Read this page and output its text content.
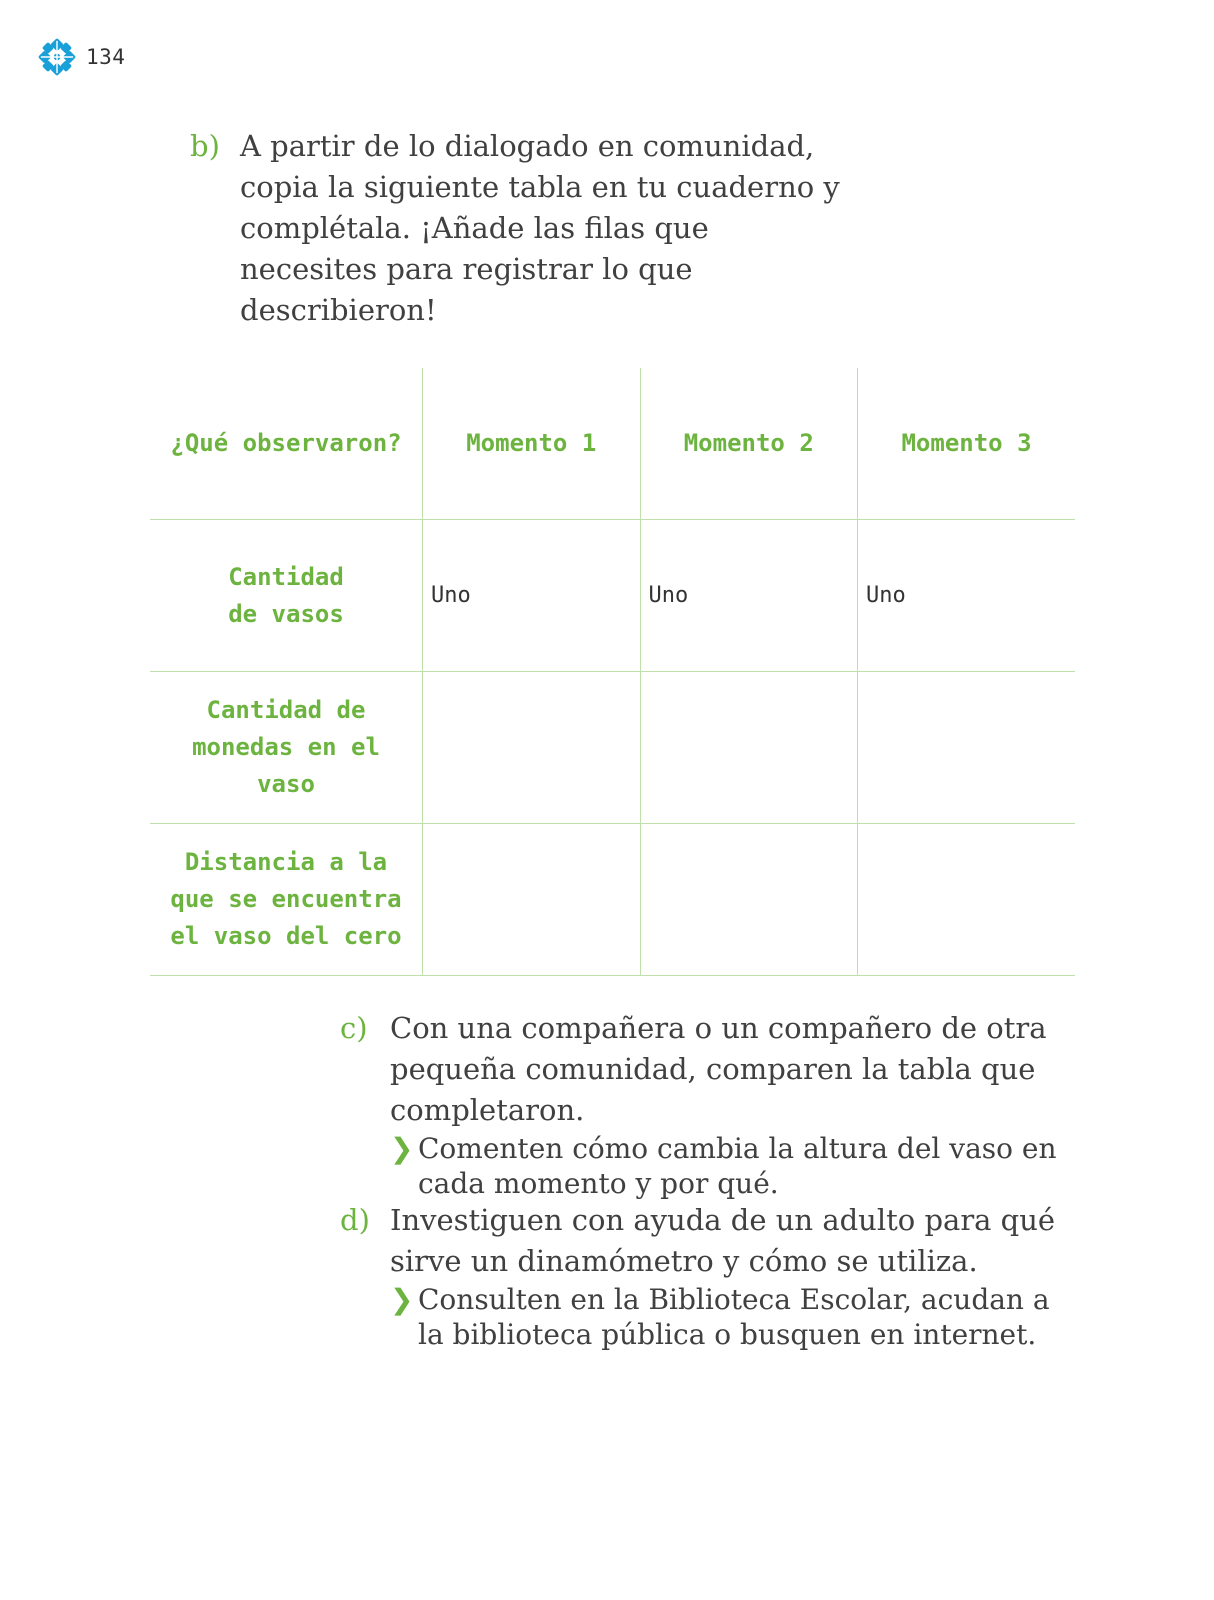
134
b) A partir de lo dialogado en comunidad, copia la siguiente tabla en tu cuaderno y complétala. ¡Añade las filas que necesites para registrar lo que describieron!
¿Qué observaron?	Momento 1	Momento 2	Momento 3
Cantidad de vasos	Uno	Uno	Uno
Cantidad de monedas en el vaso			
Distancia a la que se encuentra el vaso del cero			
c) Con una compañera o un compañero de otra pequeña comunidad, comparen la tabla que completaron.
❯ Comenten cómo cambia la altura del vaso en cada momento y por qué.
d) Investiguen con ayuda de un adulto para qué sirve un dinamómetro y cómo se utiliza.
❯ Consulten en la Biblioteca Escolar, acudan a la biblioteca pública o busquen en internet.
